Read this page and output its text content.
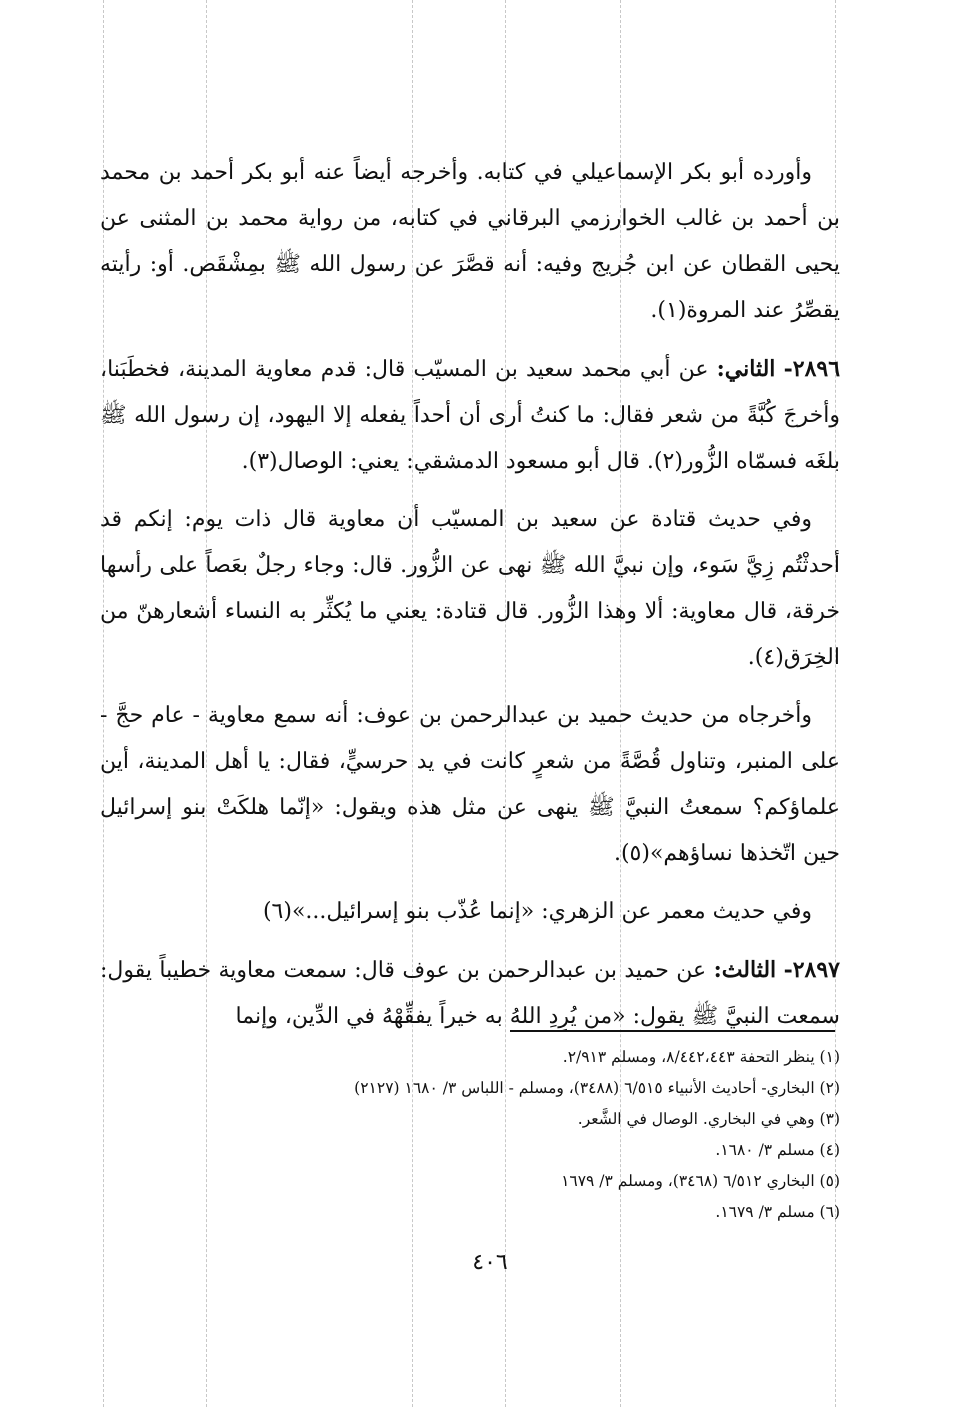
وأورده أبو بكر الإسماعيلي في كتابه. وأخرجه أيضاً عنه أبو بكر أحمد بن محمد بن أحمد بن غالب الخوارزمي البرقاني في كتابه، من رواية محمد بن المثنى عن يحيى القطان عن ابن جُريج وفيه: أنه قصَّرَ عن رسول الله ﷺ بمِشْقَص. أو: رأيته يقصِّرُ عند المروة(١).

٢٨٩٦- الثاني: عن أبي محمد سعيد بن المسيّب قال: قدم معاوية المدينة، فخطَبَنا، وأخرجَ كُبَّةً من شعر فقال: ما كنتُ أرى أن أحداً يفعله إلا اليهود، إن رسول الله ﷺ بلغَه فسمّاه الزُّور(٢). قال أبو مسعود الدمشقي: يعني: الوصال(٣).

وفي حديث قتادة عن سعيد بن المسيّب أن معاوية قال ذات يوم: إنكم قد أحدثْتُم زِيَّ سَوء، وإن نبيَّ الله ﷺ نهى عن الزُّور. قال: وجاء رجلٌ بعَصاً على رأسها خرقة، قال معاوية: ألا وهذا الزُّور. قال قتادة: يعني ما يُكثِّر به النساء أشعارهنّ من الخِرَق(٤).

وأخرجاه من حديث حميد بن عبدالرحمن بن عوف: أنه سمع معاوية - عام حجَّ - على المنبر، وتناول قُصَّةً من شعرٍ كانت في يد حرسيٍّ، فقال: يا أهل المدينة، أين علماؤكم؟ سمعتُ النبيَّ ﷺ ينهى عن مثل هذه ويقول: «إنّما هلكَتْ بنو إسرائيل حين اتّخذها نساؤهم»(٥).

وفي حديث معمر عن الزهري: «إنما عُذّب بنو إسرائيل...»(٦)

٢٨٩٧- الثالث: عن حميد بن عبدالرحمن بن عوف قال: سمعت معاوية خطيباً يقول: سمعت النبيَّ ﷺ يقول: «من يُرِدِ اللهُ به خيراً يفقِّهْهُ في الدِّين، وإنما

(١) ينظر التحفة ٨/٤٤٢،٤٤٣، ومسلم ٢/٩١٣.

(٢) البخاري- أحاديث الأنبياء ٦/٥١٥ (٣٤٨٨)، ومسلم - اللباس ٣/ ١٦٨٠ (٢١٢٧)

(٣) وهي في البخاري. الوصال في الشَّعر.

(٤) مسلم ٣/ ١٦٨٠.

(٥) البخاري ٦/٥١٢ (٣٤٦٨)، ومسلم ٣/ ١٦٧٩

(٦) مسلم ٣/ ١٦٧٩.

٤٠٦
